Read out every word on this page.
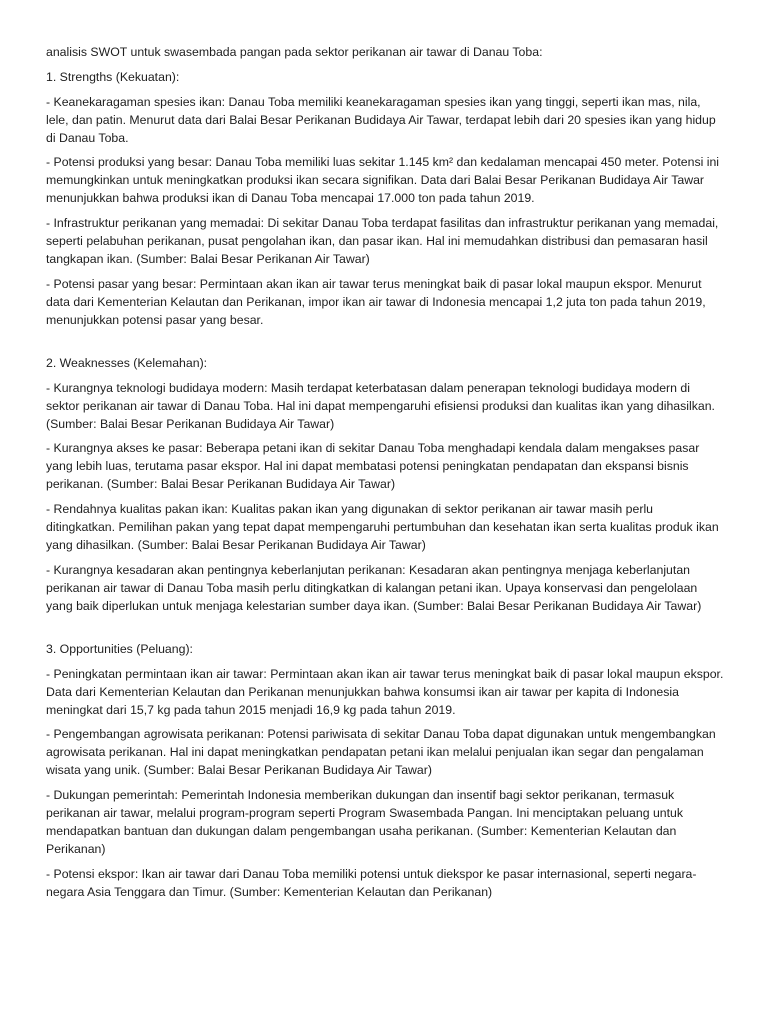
analisis SWOT untuk swasembada pangan pada sektor perikanan air tawar di Danau Toba:

1. Strengths (Kekuatan):

- Keanekaragaman spesies ikan: Danau Toba memiliki keanekaragaman spesies ikan yang tinggi, seperti ikan mas, nila, lele, dan patin. Menurut data dari Balai Besar Perikanan Budidaya Air Tawar, terdapat lebih dari 20 spesies ikan yang hidup di Danau Toba.

- Potensi produksi yang besar: Danau Toba memiliki luas sekitar 1.145 km² dan kedalaman mencapai 450 meter. Potensi ini memungkinkan untuk meningkatkan produksi ikan secara signifikan. Data dari Balai Besar Perikanan Budidaya Air Tawar menunjukkan bahwa produksi ikan di Danau Toba mencapai 17.000 ton pada tahun 2019.

- Infrastruktur perikanan yang memadai: Di sekitar Danau Toba terdapat fasilitas dan infrastruktur perikanan yang memadai, seperti pelabuhan perikanan, pusat pengolahan ikan, dan pasar ikan. Hal ini memudahkan distribusi dan pemasaran hasil tangkapan ikan. (Sumber: Balai Besar Perikanan Air Tawar)

- Potensi pasar yang besar: Permintaan akan ikan air tawar terus meningkat baik di pasar lokal maupun ekspor. Menurut data dari Kementerian Kelautan dan Perikanan, impor ikan air tawar di Indonesia mencapai 1,2 juta ton pada tahun 2019, menunjukkan potensi pasar yang besar.

2. Weaknesses (Kelemahan):

- Kurangnya teknologi budidaya modern: Masih terdapat keterbatasan dalam penerapan teknologi budidaya modern di sektor perikanan air tawar di Danau Toba. Hal ini dapat mempengaruhi efisiensi produksi dan kualitas ikan yang dihasilkan. (Sumber: Balai Besar Perikanan Budidaya Air Tawar)

- Kurangnya akses ke pasar: Beberapa petani ikan di sekitar Danau Toba menghadapi kendala dalam mengakses pasar yang lebih luas, terutama pasar ekspor. Hal ini dapat membatasi potensi peningkatan pendapatan dan ekspansi bisnis perikanan. (Sumber: Balai Besar Perikanan Budidaya Air Tawar)

- Rendahnya kualitas pakan ikan: Kualitas pakan ikan yang digunakan di sektor perikanan air tawar masih perlu ditingkatkan. Pemilihan pakan yang tepat dapat mempengaruhi pertumbuhan dan kesehatan ikan serta kualitas produk ikan yang dihasilkan. (Sumber: Balai Besar Perikanan Budidaya Air Tawar)

- Kurangnya kesadaran akan pentingnya keberlanjutan perikanan: Kesadaran akan pentingnya menjaga keberlanjutan perikanan air tawar di Danau Toba masih perlu ditingkatkan di kalangan petani ikan. Upaya konservasi dan pengelolaan yang baik diperlukan untuk menjaga kelestarian sumber daya ikan. (Sumber: Balai Besar Perikanan Budidaya Air Tawar)

3. Opportunities (Peluang):

- Peningkatan permintaan ikan air tawar: Permintaan akan ikan air tawar terus meningkat baik di pasar lokal maupun ekspor. Data dari Kementerian Kelautan dan Perikanan menunjukkan bahwa konsumsi ikan air tawar per kapita di Indonesia meningkat dari 15,7 kg pada tahun 2015 menjadi 16,9 kg pada tahun 2019.

- Pengembangan agrowisata perikanan: Potensi pariwisata di sekitar Danau Toba dapat digunakan untuk mengembangkan agrowisata perikanan. Hal ini dapat meningkatkan pendapatan petani ikan melalui penjualan ikan segar dan pengalaman wisata yang unik. (Sumber: Balai Besar Perikanan Budidaya Air Tawar)

- Dukungan pemerintah: Pemerintah Indonesia memberikan dukungan dan insentif bagi sektor perikanan, termasuk perikanan air tawar, melalui program-program seperti Program Swasembada Pangan. Ini menciptakan peluang untuk mendapatkan bantuan dan dukungan dalam pengembangan usaha perikanan. (Sumber: Kementerian Kelautan dan Perikanan)

- Potensi ekspor: Ikan air tawar dari Danau Toba memiliki potensi untuk diekspor ke pasar internasional, seperti negara-negara Asia Tenggara dan Timur. (Sumber: Kementerian Kelautan dan Perikanan)
